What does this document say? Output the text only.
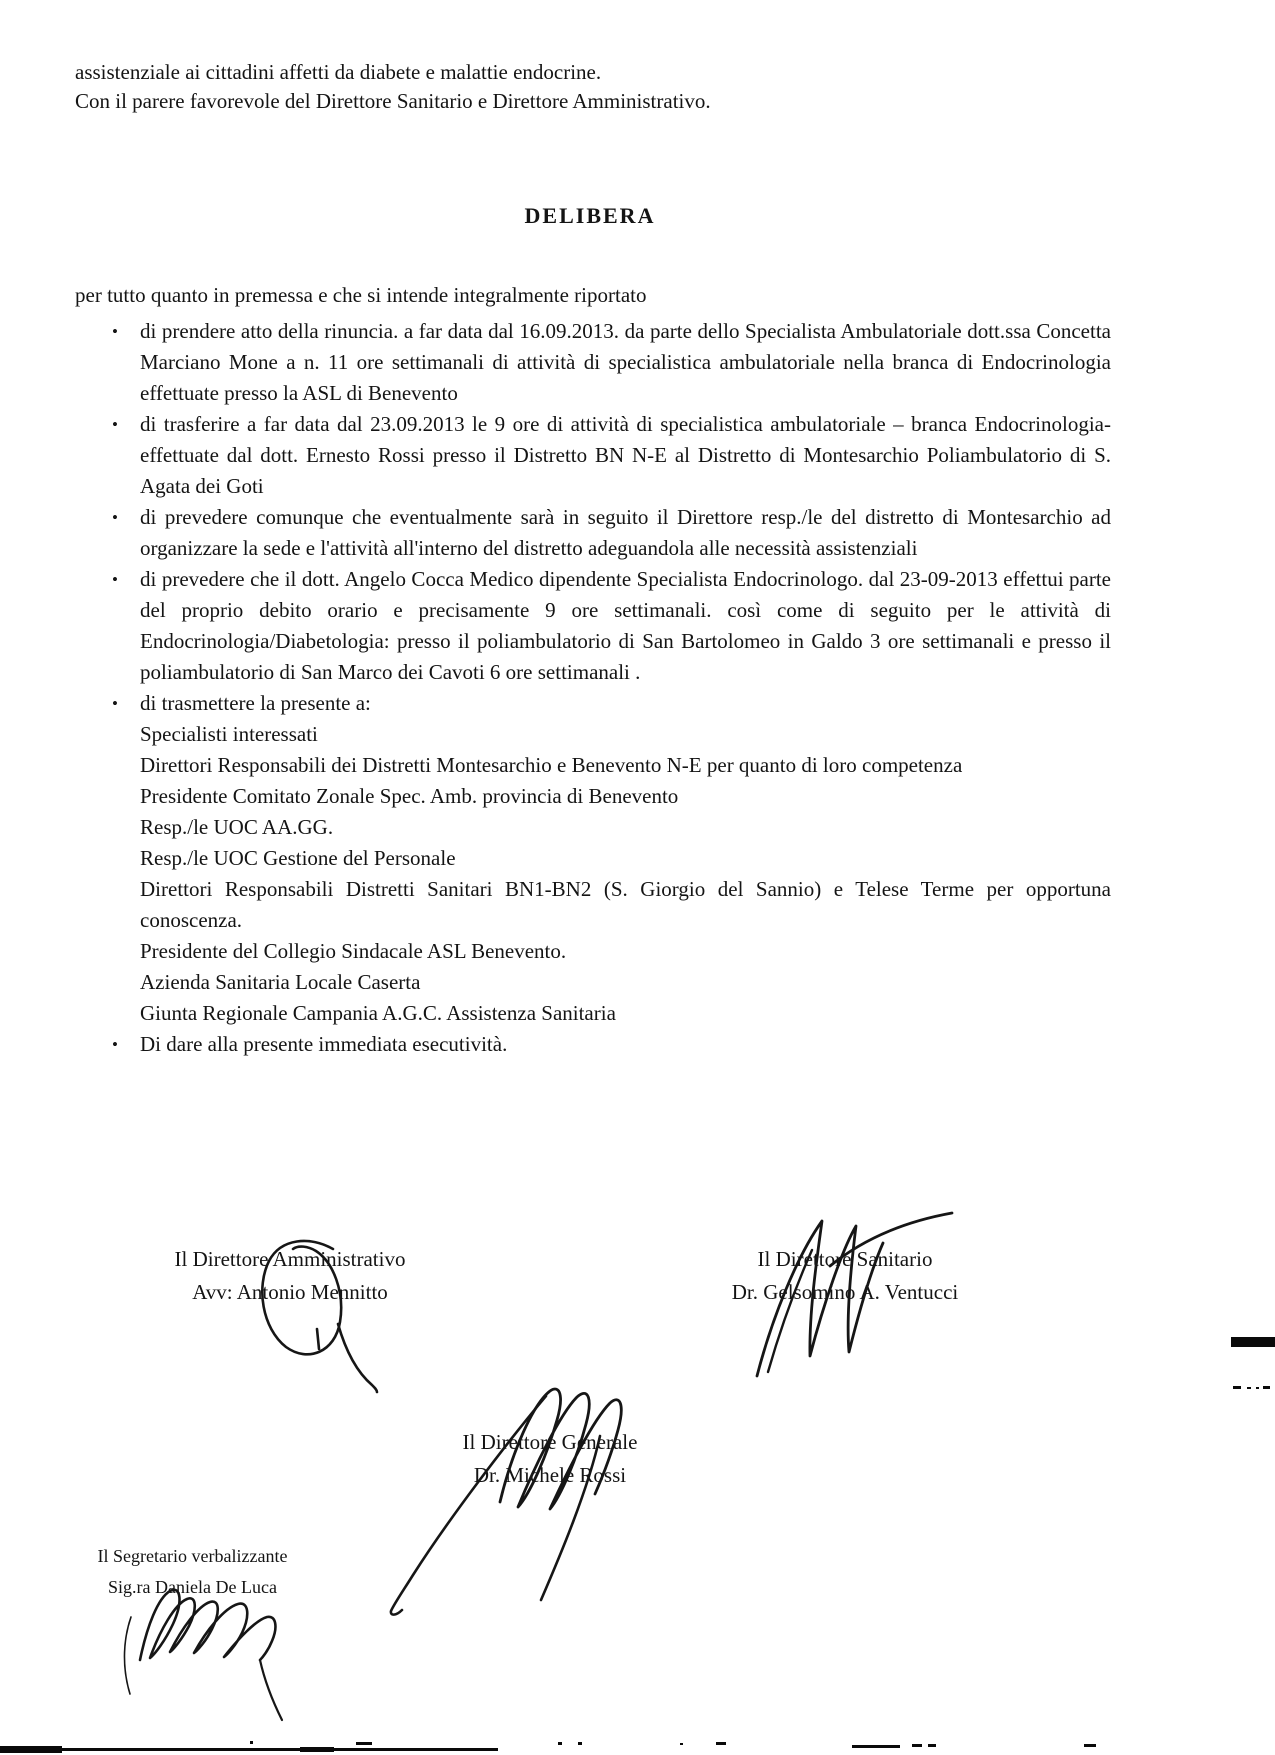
assistenziale ai cittadini affetti da diabete e malattie endocrine.
Con il parere favorevole del Direttore Sanitario e Direttore Amministrativo.
DELIBERA
per tutto quanto in premessa e che si intende integralmente riportato
•	di prendere atto della rinuncia. a far data dal 16.09.2013. da parte dello Specialista Ambulatoriale dott.ssa Concetta Marciano Mone a n. 11 ore settimanali di attività di specialistica ambulatoriale nella branca di Endocrinologia effettuate presso la ASL di Benevento
•	di trasferire a far data dal 23.09.2013 le 9 ore di attività di specialistica ambulatoriale – branca Endocrinologia- effettuate dal dott. Ernesto Rossi presso il Distretto BN N-E al Distretto di Montesarchio Poliambulatorio di S. Agata dei Goti
•	di prevedere comunque che eventualmente sarà in seguito il Direttore resp./le del distretto di Montesarchio ad organizzare la sede e l'attività all'interno del distretto adeguandola alle necessità assistenziali
•	di prevedere che il dott. Angelo Cocca Medico dipendente Specialista Endocrinologo. dal 23-09-2013 effettui parte del proprio debito orario e precisamente 9 ore settimanali. così come di seguito per le attività di Endocrinologia/Diabetologia: presso il poliambulatorio di San Bartolomeo in Galdo 3 ore settimanali e presso il poliambulatorio di San Marco dei Cavoti 6 ore settimanali .
•	di trasmettere la presente a:
Specialisti interessati
Direttori Responsabili dei Distretti Montesarchio e Benevento N-E per quanto di loro competenza
Presidente Comitato Zonale Spec. Amb. provincia di Benevento
Resp./le UOC AA.GG.
Resp./le UOC Gestione del Personale
Direttori Responsabili Distretti Sanitari BN1-BN2 (S. Giorgio del Sannio) e Telese Terme per opportuna conoscenza.
Presidente del Collegio Sindacale ASL Benevento.
Azienda Sanitaria Locale Caserta
Giunta Regionale Campania A.G.C. Assistenza Sanitaria
•	Di dare alla presente immediata esecutività.
Il Direttore Amministrativo
Avv: Antonio Mennitto
Il Direttore Sanitario
Dr. Gelsomino A. Ventucci
Il Direttore Generale
Dr. Michele Rossi
Il Segretario verbalizzante
Sig.ra Daniela De Luca
